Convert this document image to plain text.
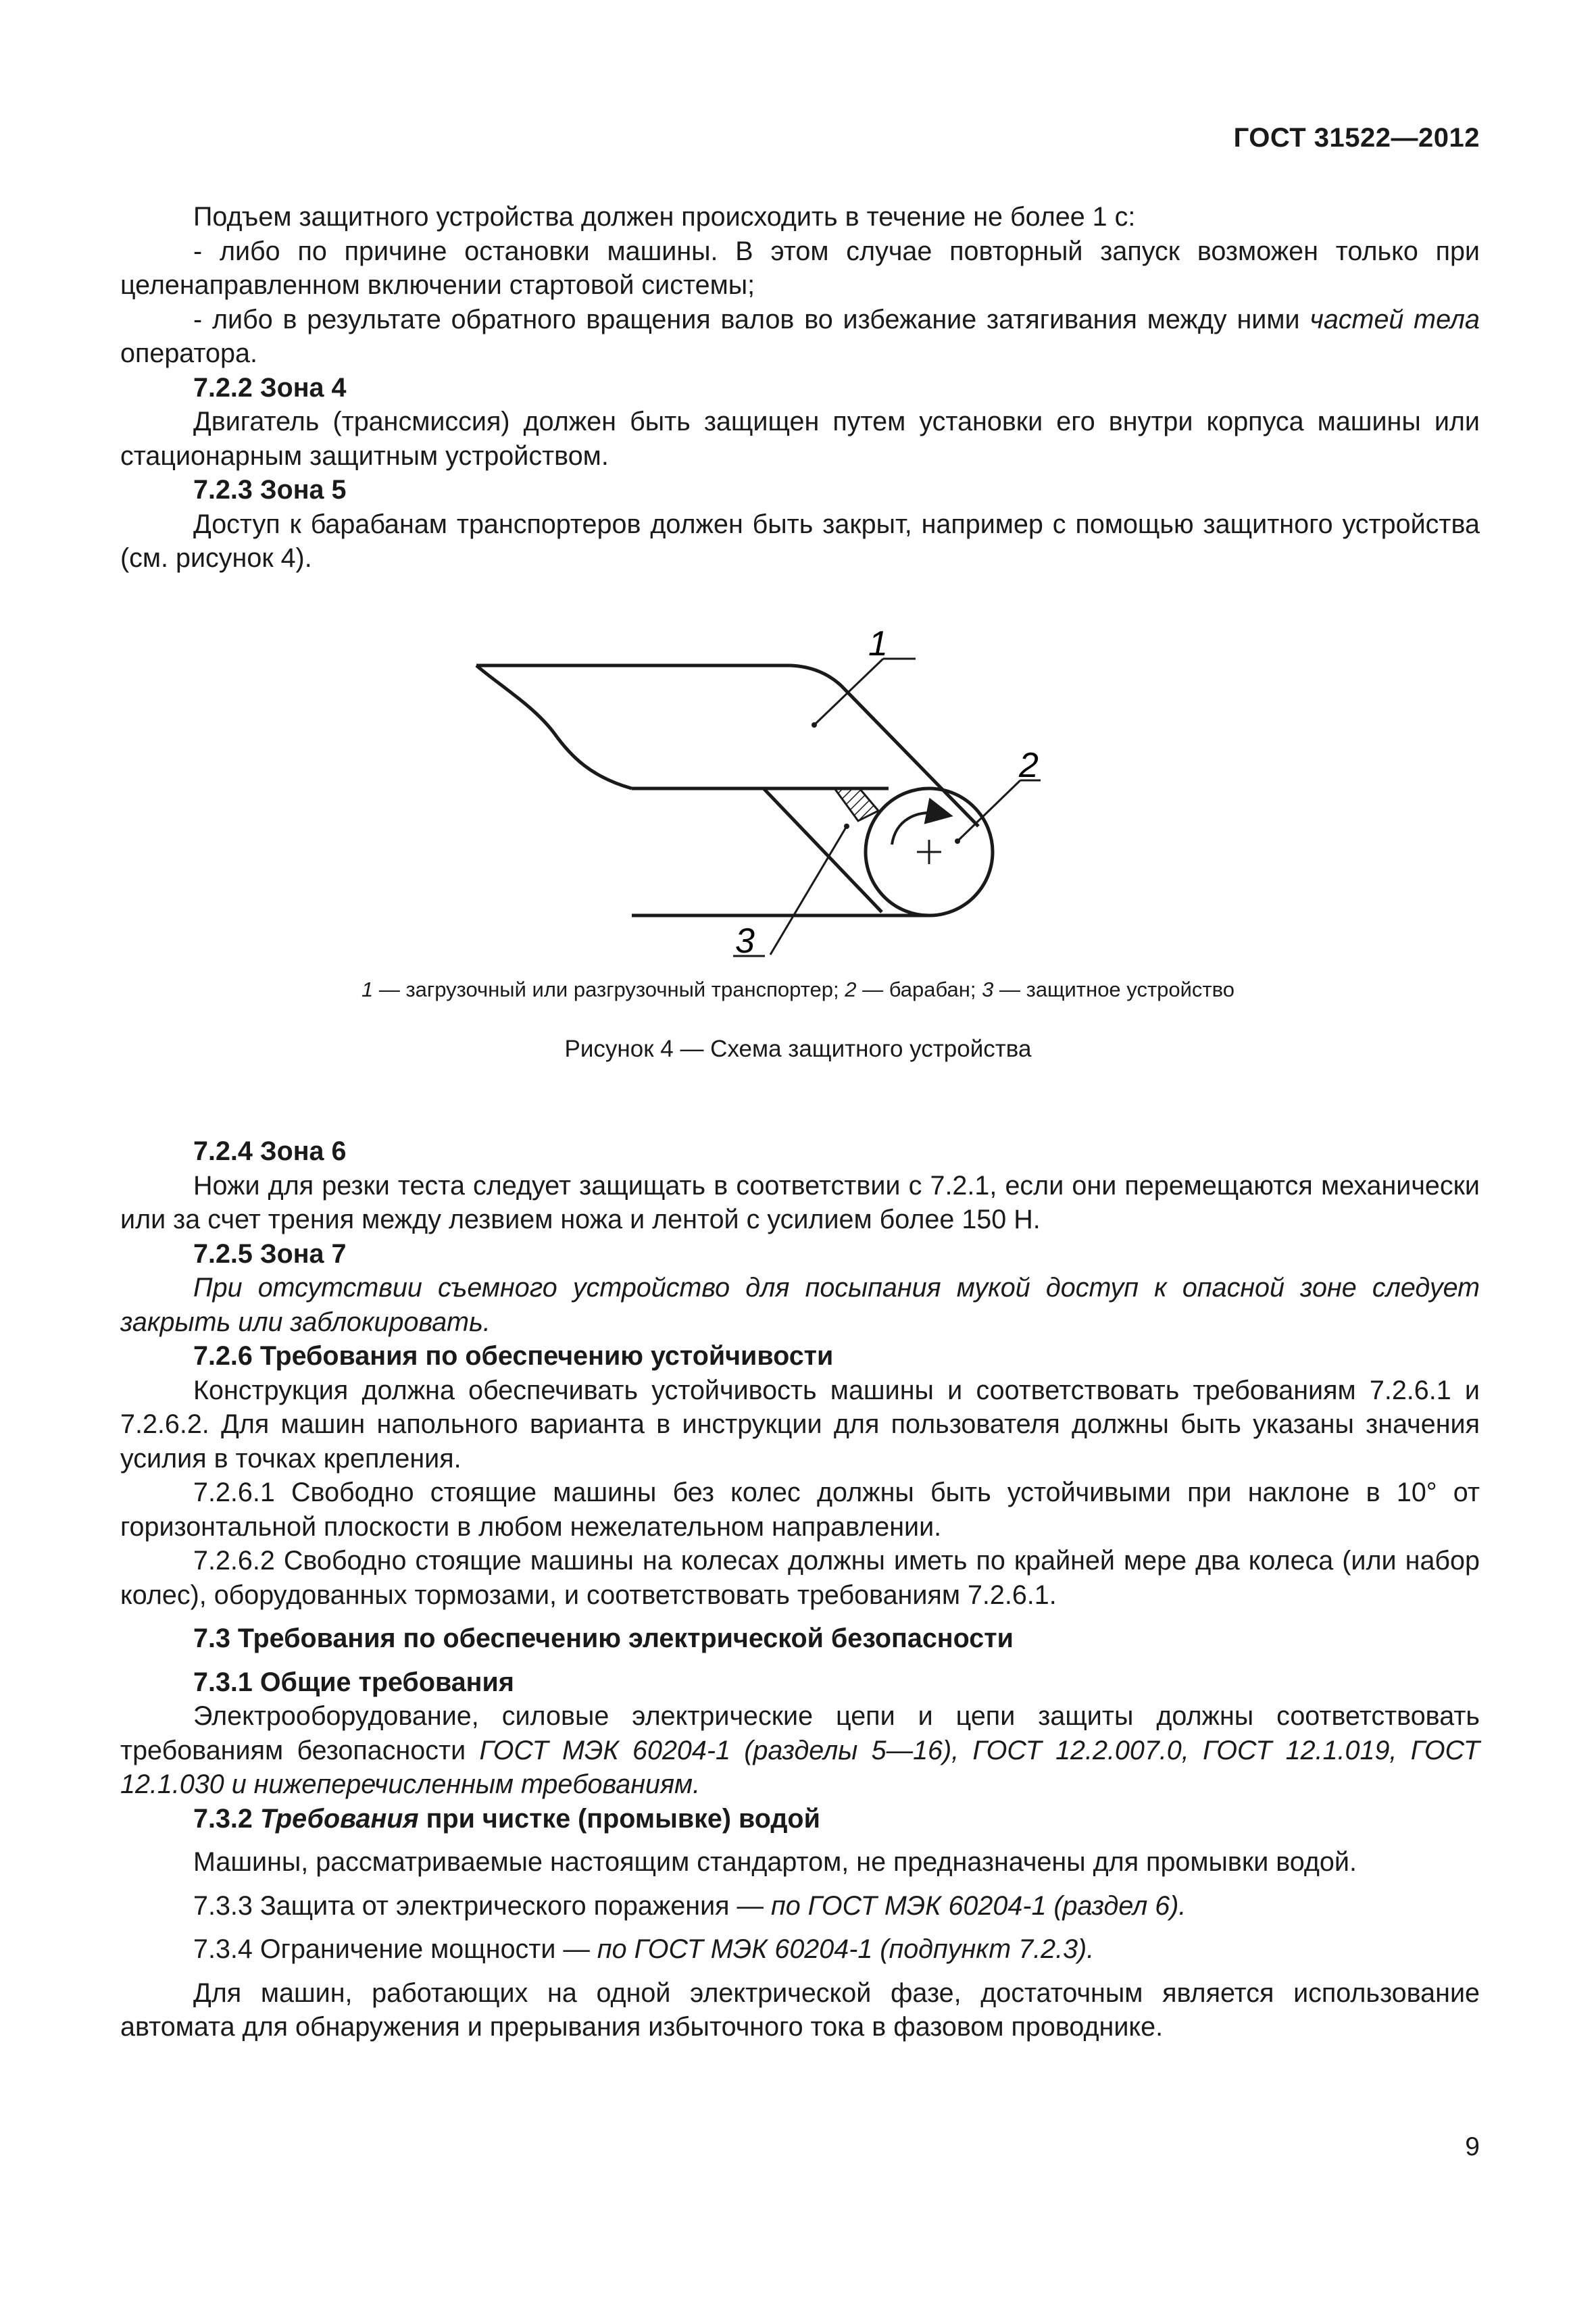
ГОСТ 31522—2012

Подъем защитного устройства должен происходить в течение не более 1 с:

- либо по причине остановки машины. В этом случае повторный запуск возможен только при целенаправленном включении стартовой системы;

- либо в результате обратного вращения валов во избежание затягивания между ними частей тела оператора.

7.2.2 Зона 4

Двигатель (трансмиссия) должен быть защищен путем установки его внутри корпуса машины или стационарным защитным устройством.

7.2.3 Зона 5

Доступ к барабанам транспортеров должен быть закрыт, например с помощью защитного устройства (см. рисунок 4).

1
2
3
1 — загрузочный или разгрузочный транспортер; 2 — барабан; 3 — защитное устройство
Рисунок 4 — Схема защитного устройства

7.2.4 Зона 6

Ножи для резки теста следует защищать в соответствии с 7.2.1, если они перемещаются механически или за счет трения между лезвием ножа и лентой с усилием более 150 Н.

7.2.5 Зона 7

При отсутствии съемного устройство для посыпания мукой доступ к опасной зоне следует закрыть или заблокировать.

7.2.6 Требования по обеспечению устойчивости

Конструкция должна обеспечивать устойчивость машины и соответствовать требованиям 7.2.6.1 и 7.2.6.2. Для машин напольного варианта в инструкции для пользователя должны быть указаны значения усилия в точках крепления.

7.2.6.1 Свободно стоящие машины без колес должны быть устойчивыми при наклоне в 10° от горизонтальной плоскости в любом нежелательном направлении.

7.2.6.2 Свободно стоящие машины на колесах должны иметь по крайней мере два колеса (или набор колес), оборудованных тормозами, и соответствовать требованиям 7.2.6.1.

7.3 Требования по обеспечению электрической безопасности

7.3.1 Общие требования

Электрооборудование, силовые электрические цепи и цепи защиты должны соответствовать требованиям безопасности ГОСТ МЭК 60204-1 (разделы 5—16), ГОСТ 12.2.007.0, ГОСТ 12.1.019, ГОСТ 12.1.030 и нижеперечисленным требованиям.

7.3.2 Требования при чистке (промывке) водой

Машины, рассматриваемые настоящим стандартом, не предназначены для промывки водой.

7.3.3 Защита от электрического поражения — по ГОСТ МЭК 60204-1 (раздел 6).

7.3.4 Ограничение мощности — по ГОСТ МЭК 60204-1 (подпункт 7.2.3).

Для машин, работающих на одной электрической фазе, достаточным является использование автомата для обнаружения и прерывания избыточного тока в фазовом проводнике.

9
